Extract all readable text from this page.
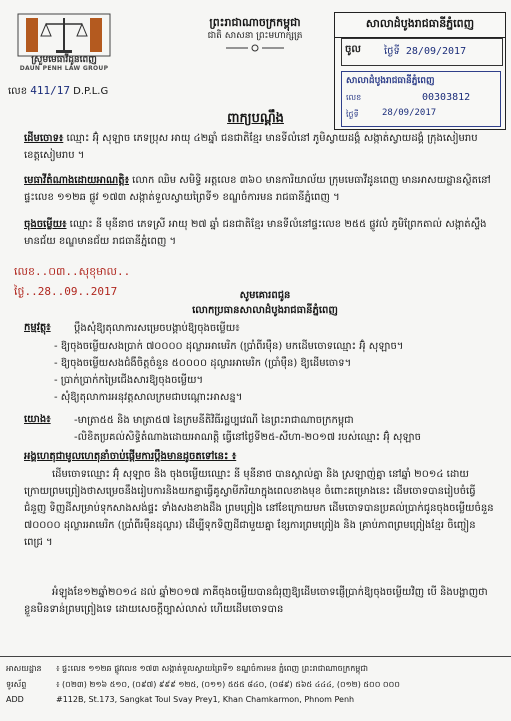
ស្រួមមេធាវីដូនពេញ
DAUN PENH LAW GROUP
ព្រះរាជាណាចក្រកម្ពុជា
ជាតិ សាសនា ព្រះមហាក្សត្រ
សាលាដំបូងរាជធានីភ្នំពេញ
ចូល ថ្ងៃទី 28/09/2017
សាលាដំបូងរាជធានីភ្នំពេញ
លេខ	00303812
ថ្ងៃទី	28/09/2017
លេខ 411/17 D.P.L.G
ពាក្យបណ្តឹង
ដើមចោទ៖ ឈ្មោះ អ៊ុំ សុឡាច ភេទប្រុស អាយុ ៤២ឆ្នាំ ជនជាតិខ្មែរ មានទីលំនៅ ភូមិស្វាយដង្គំ សង្កាត់ស្វាយដង្គំ ក្រុងសៀមរាប ខេត្តសៀមរាប ។
មេធាវីតំណាងដោយអាណត្តិ៖ លោក ឈិម សមិទ្ធិ អត្តលេខ ៣៦០ មានការិយាល័យ ក្រុមមេធាវីដូនពេញ មានអាសយដ្ឋានស្ថិតនៅផ្ទះលេខ ១១២ឆ ផ្លូវ ១៧៣ សង្កាត់ទួលស្វាយព្រៃទី១ ខណ្ឌចំការមន រាជធានីភ្នំពេញ ។
ចុងចម្លើយ៖ ឈ្មោះ នី មុនីនាថ ភេទស្រី អាយុ ២៧ ឆ្នាំ ជនជាតិខ្មែរ មានទីលំនៅផ្ទះលេខ ២៥៥ ផ្លូវលំ ភូមិព្រែកតាល់ សង្កាត់ស្ទឹងមានជ័យ ខណ្ឌមានជ័យ រាជធានីភ្នំពេញ ។
លេខ..០៣..សុខុមាល..
ថ្ងៃ..28..09..2017	សូមគោរពជូន
លោកប្រធានសាលាដំបូងរាជធានីភ្នំពេញ
កម្មវត្ថុ៖ ប្តឹងសុំឱ្យតុលាការសម្រេចបង្គាប់ឱ្យចុងចម្លើយ៖
- ឱ្យចុងចម្លើយសងប្រាក់ ៧០០០០ ដុល្លារអាមេរិក (ប្រាំពីរម៉ឺន) មកដើមចោទឈ្មោះ អ៊ុំ សុឡាច។
- ឱ្យចុងចម្លើយសងជំងឺចិត្តចំនួន ៥០០០០ ដុល្លារអាមេរិក (ប្រាំម៉ឺន) ឱ្យដើមចោទ។
- ប្រាក់ប្រាក់កម្រៃជើងសារឱ្យចុងចម្លើយ។
- សុំឱ្យតុលាការអនុវត្តសាលក្រមជាបណ្តោះអាសន្ន។
យោង៖ -មាត្រា៥៥ និង មាត្រា៥៧ នៃក្រមនីតិវិធីរដ្ឋប្បវេណី នៃព្រះរាជាណាចក្រកម្ពុជា
-លិខិតប្រគល់សិទ្ធិតំណាងដោយអាណត្តិ ធ្វើនៅថ្ងៃទី២៥-សីហា-២០១៧ របស់ឈ្មោះ អ៊ុំ សុឡាច
អង្គហេតុជាមូលហេតុនាំចាប់ផ្តើមការប្តឹងមានដូចតទៅនេះ ៖
ដើមចោទឈ្មោះ អ៊ុំ សុឡាច និង ចុងចម្លើយឈ្មោះ នី មុនីនាថ បានស្គាល់គ្នា និង ស្រឡាញ់គ្នា នៅឆ្នាំ ២០១៤ ដោយក្រោយព្រមព្រៀងថាសម្រេចនឹងរៀបការនិងយកគ្នាធ្វើគូស្វាមីភរិយាក្នុងពេលខាងមុខ ចំពោះគម្រោងនេះ ដើមចោទបានរៀបចំធ្វើជំនួញ ទិញដីសម្រាប់ទុកសាងសង់ផ្ទះ ទាំងសងខាងដឹង ព្រមព្រៀង នៅខែក្រោយមក ដើមចោទបានប្រគល់ប្រាក់ជូនចុងចម្លើយចំនួន ៧០០០០ ដុល្លារអាមេរិក (ប្រាំពីរម៉ឺនដុល្លារ) ដើម្បីទុកទិញដីជាមួយគ្នា ខ្សែការព្រមព្រៀង និង គ្រាប់ភាពព្រមព្រៀងខ្មែរ ចិញ្ចៀនពេជ្រ ។
អំឡុងខែ១២ឆ្នាំ២០១៤ ដល់ ឆ្នាំ២០១៧ ភាគីចុងចម្លើយបានជំរុញឱ្យដើមចោទផ្ញើប្រាក់ឱ្យចុងចម្លើយវិញ បើ និងបង្ហាញថាខ្លួនមិនទាន់ព្រមព្រៀងទេ ដោយសេចក្តីច្បាស់លាស់ ហើយដើមចោទបាន
អាសយដ្ឋាន ៖ ផ្ទះលេខ ១១២ឆ ផ្លូវលេខ ១៧៣ សង្កាត់ទួលស្វាយព្រៃទី១ ខណ្ឌចំការមន ភ្នំពេញ ព្រះរាជាណាចក្រកម្ពុជា
ទូរស័ព្ទ	៖ (០២៣) ២១៦ ៥១០, (០៩៧) ៩៩៩ ១២៥, (០១១) ៥៥៥ ៨៤០, (០៨៩) ៥៦៥ ៤៤៤, (០១២) ៥០០ ០០០
ADD	#112B, St.173, Sangkat Toul Svay Prey1, Khan Chamkarmon, Phnom Penh
